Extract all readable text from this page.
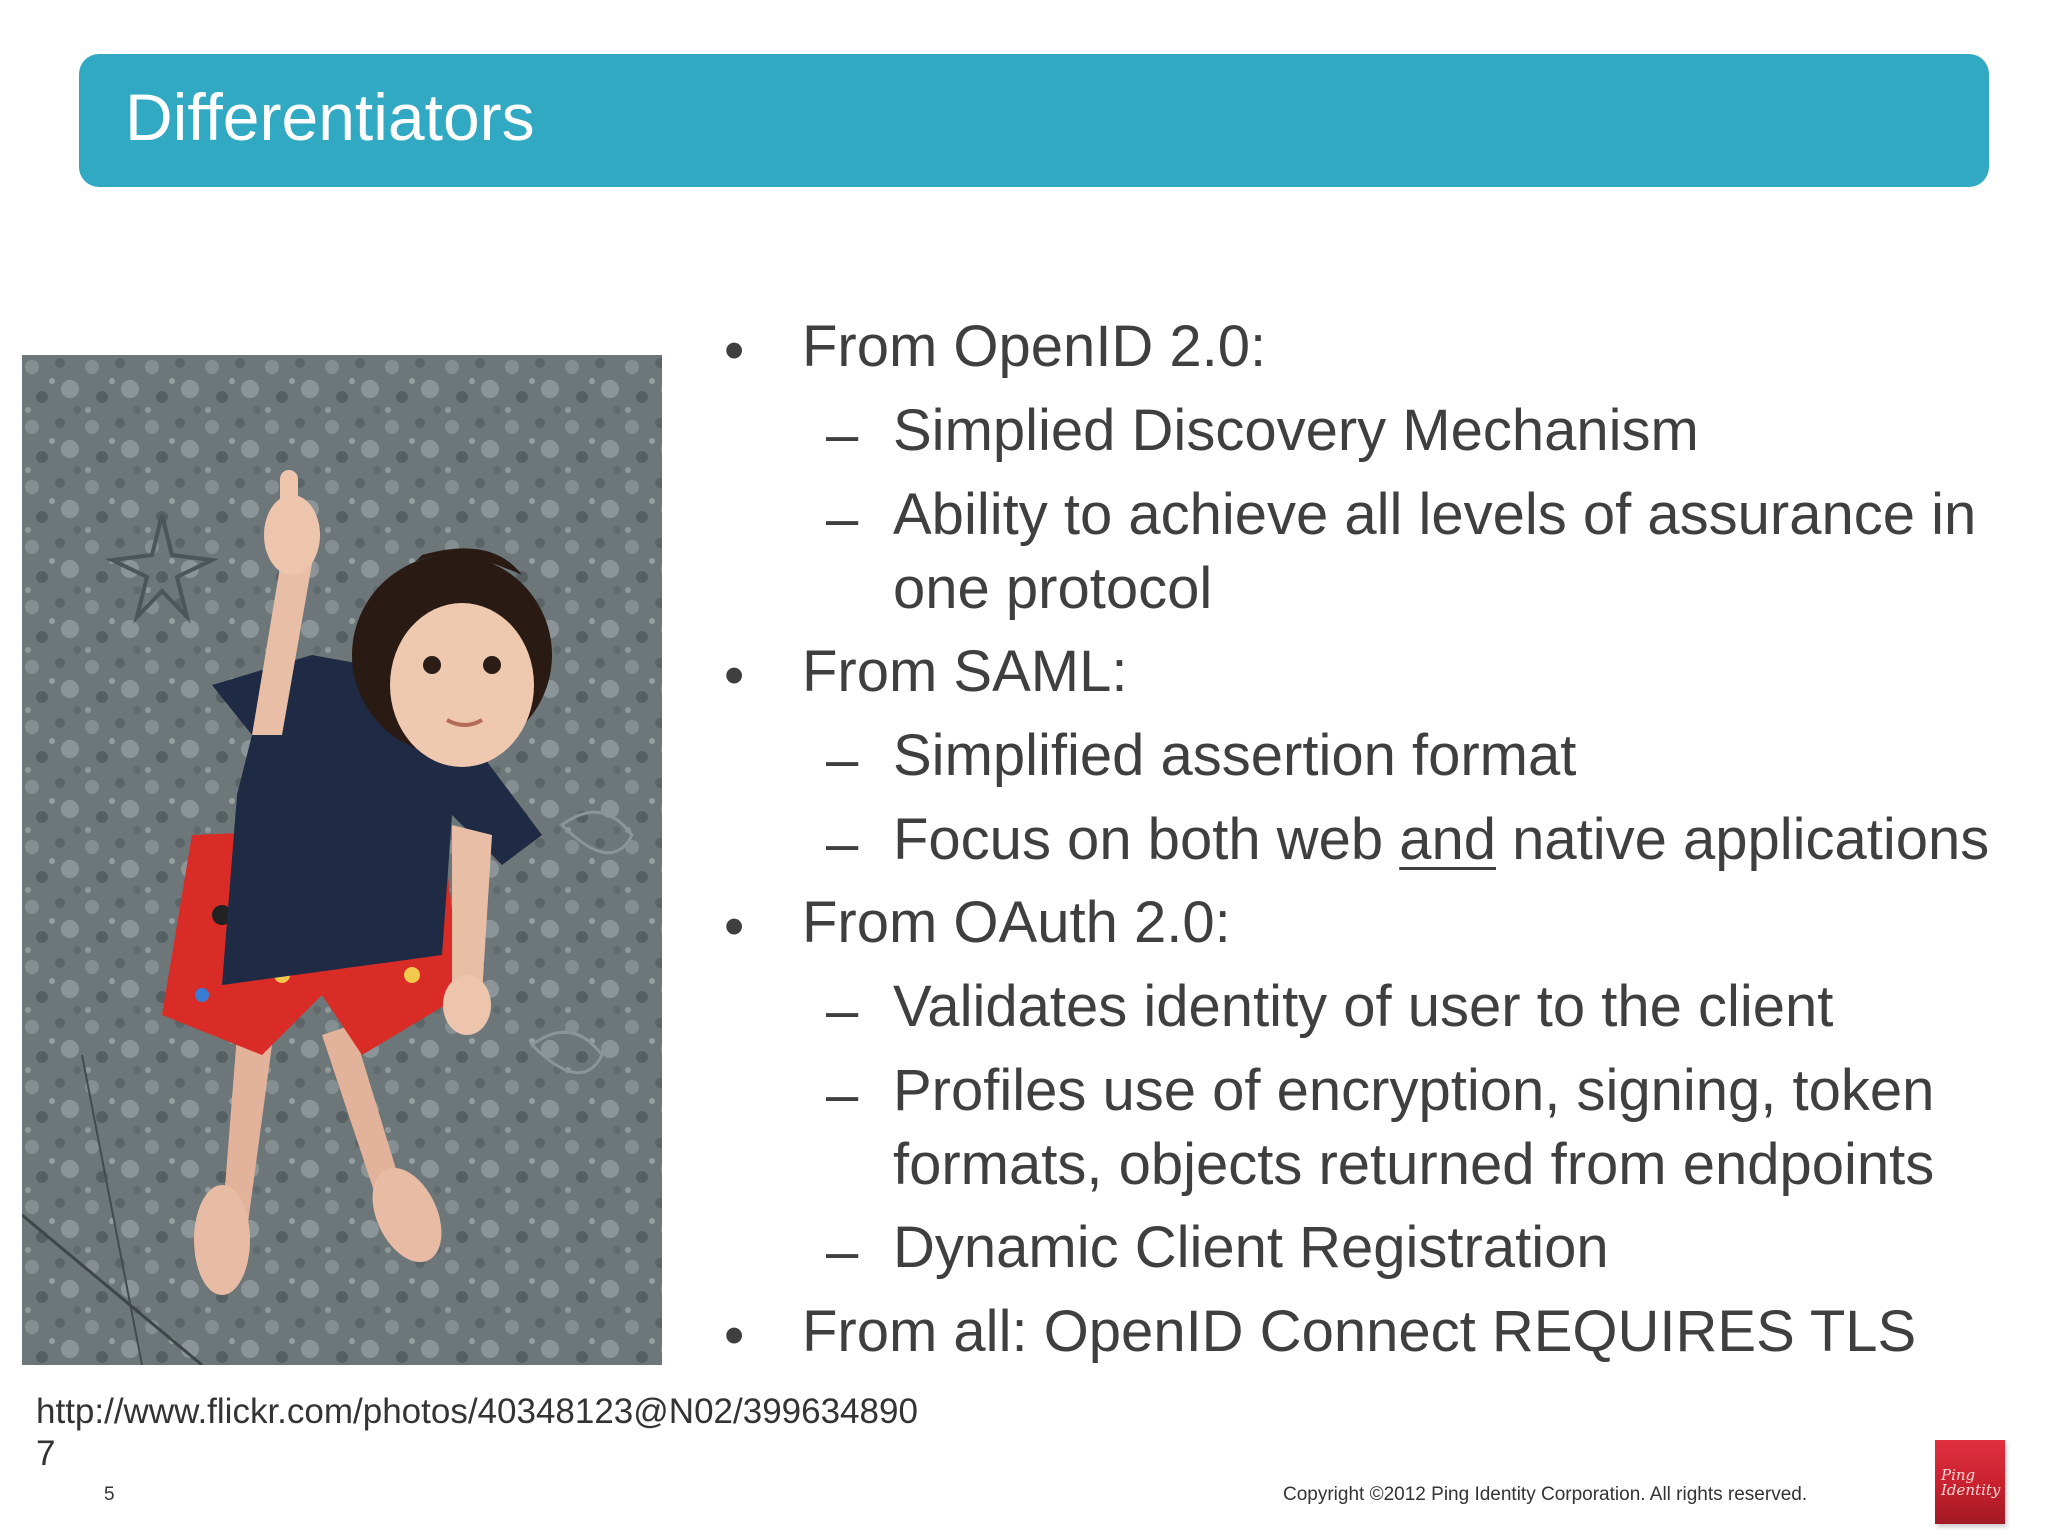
Differentiators
• From OpenID 2.0:
– Simplied Discovery Mechanism
– Ability to achieve all levels of assurance in
one protocol
• From SAML:
– Simplified assertion format
– Focus on both web and native applications
• From OAuth 2.0:
– Validates identity of user to the client
– Profiles use of encryption, signing, token
formats, objects returned from endpoints
– Dynamic Client Registration
• From all: OpenID Connect REQUIRES TLS
http://www.flickr.com/photos/40348123@N02/399634890
7
5	Copyright ©2012 Ping Identity Corporation. All rights reserved.
Ping
Identity
